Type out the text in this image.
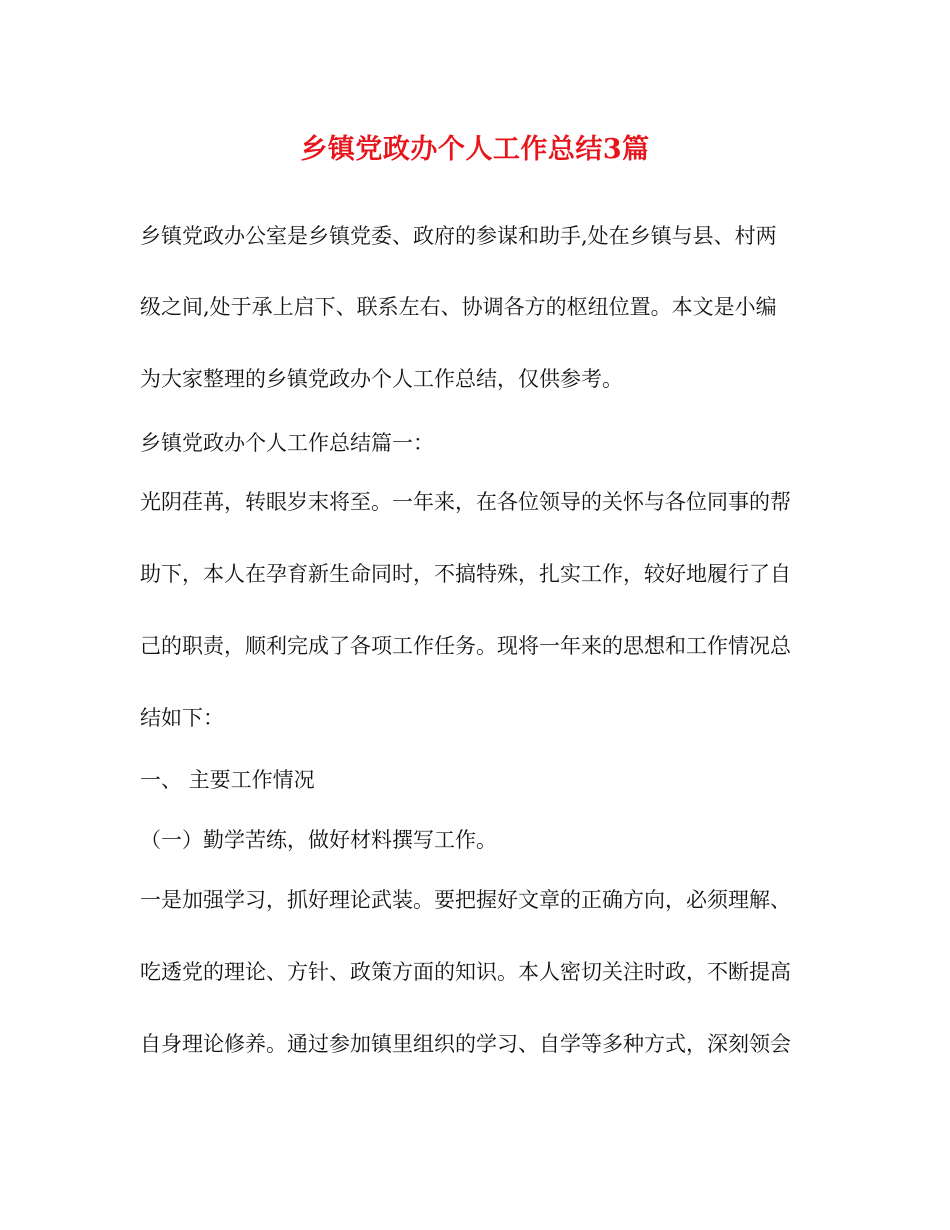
乡镇党政办个人工作总结3篇
乡镇党政办公室是乡镇党委、政府的参谋和助手,处在乡镇与县、村两
级之间,处于承上启下、联系左右、协调各方的枢纽位置。本文是小编
为大家整理的乡镇党政办个人工作总结，仅供参考。
乡镇党政办个人工作总结篇一：
光阴荏苒，转眼岁末将至。一年来，在各位领导的关怀与各位同事的帮
助下，本人在孕育新生命同时，不搞特殊，扎实工作，较好地履行了自
己的职责，顺利完成了各项工作任务。现将一年来的思想和工作情况总
结如下：
一、 主要工作情况
（一）勤学苦练，做好材料撰写工作。
一是加强学习，抓好理论武装。要把握好文章的正确方向，必须理解、
吃透党的理论、方针、政策方面的知识。本人密切关注时政，不断提高
自身理论修养。通过参加镇里组织的学习、自学等多种方式，深刻领会
